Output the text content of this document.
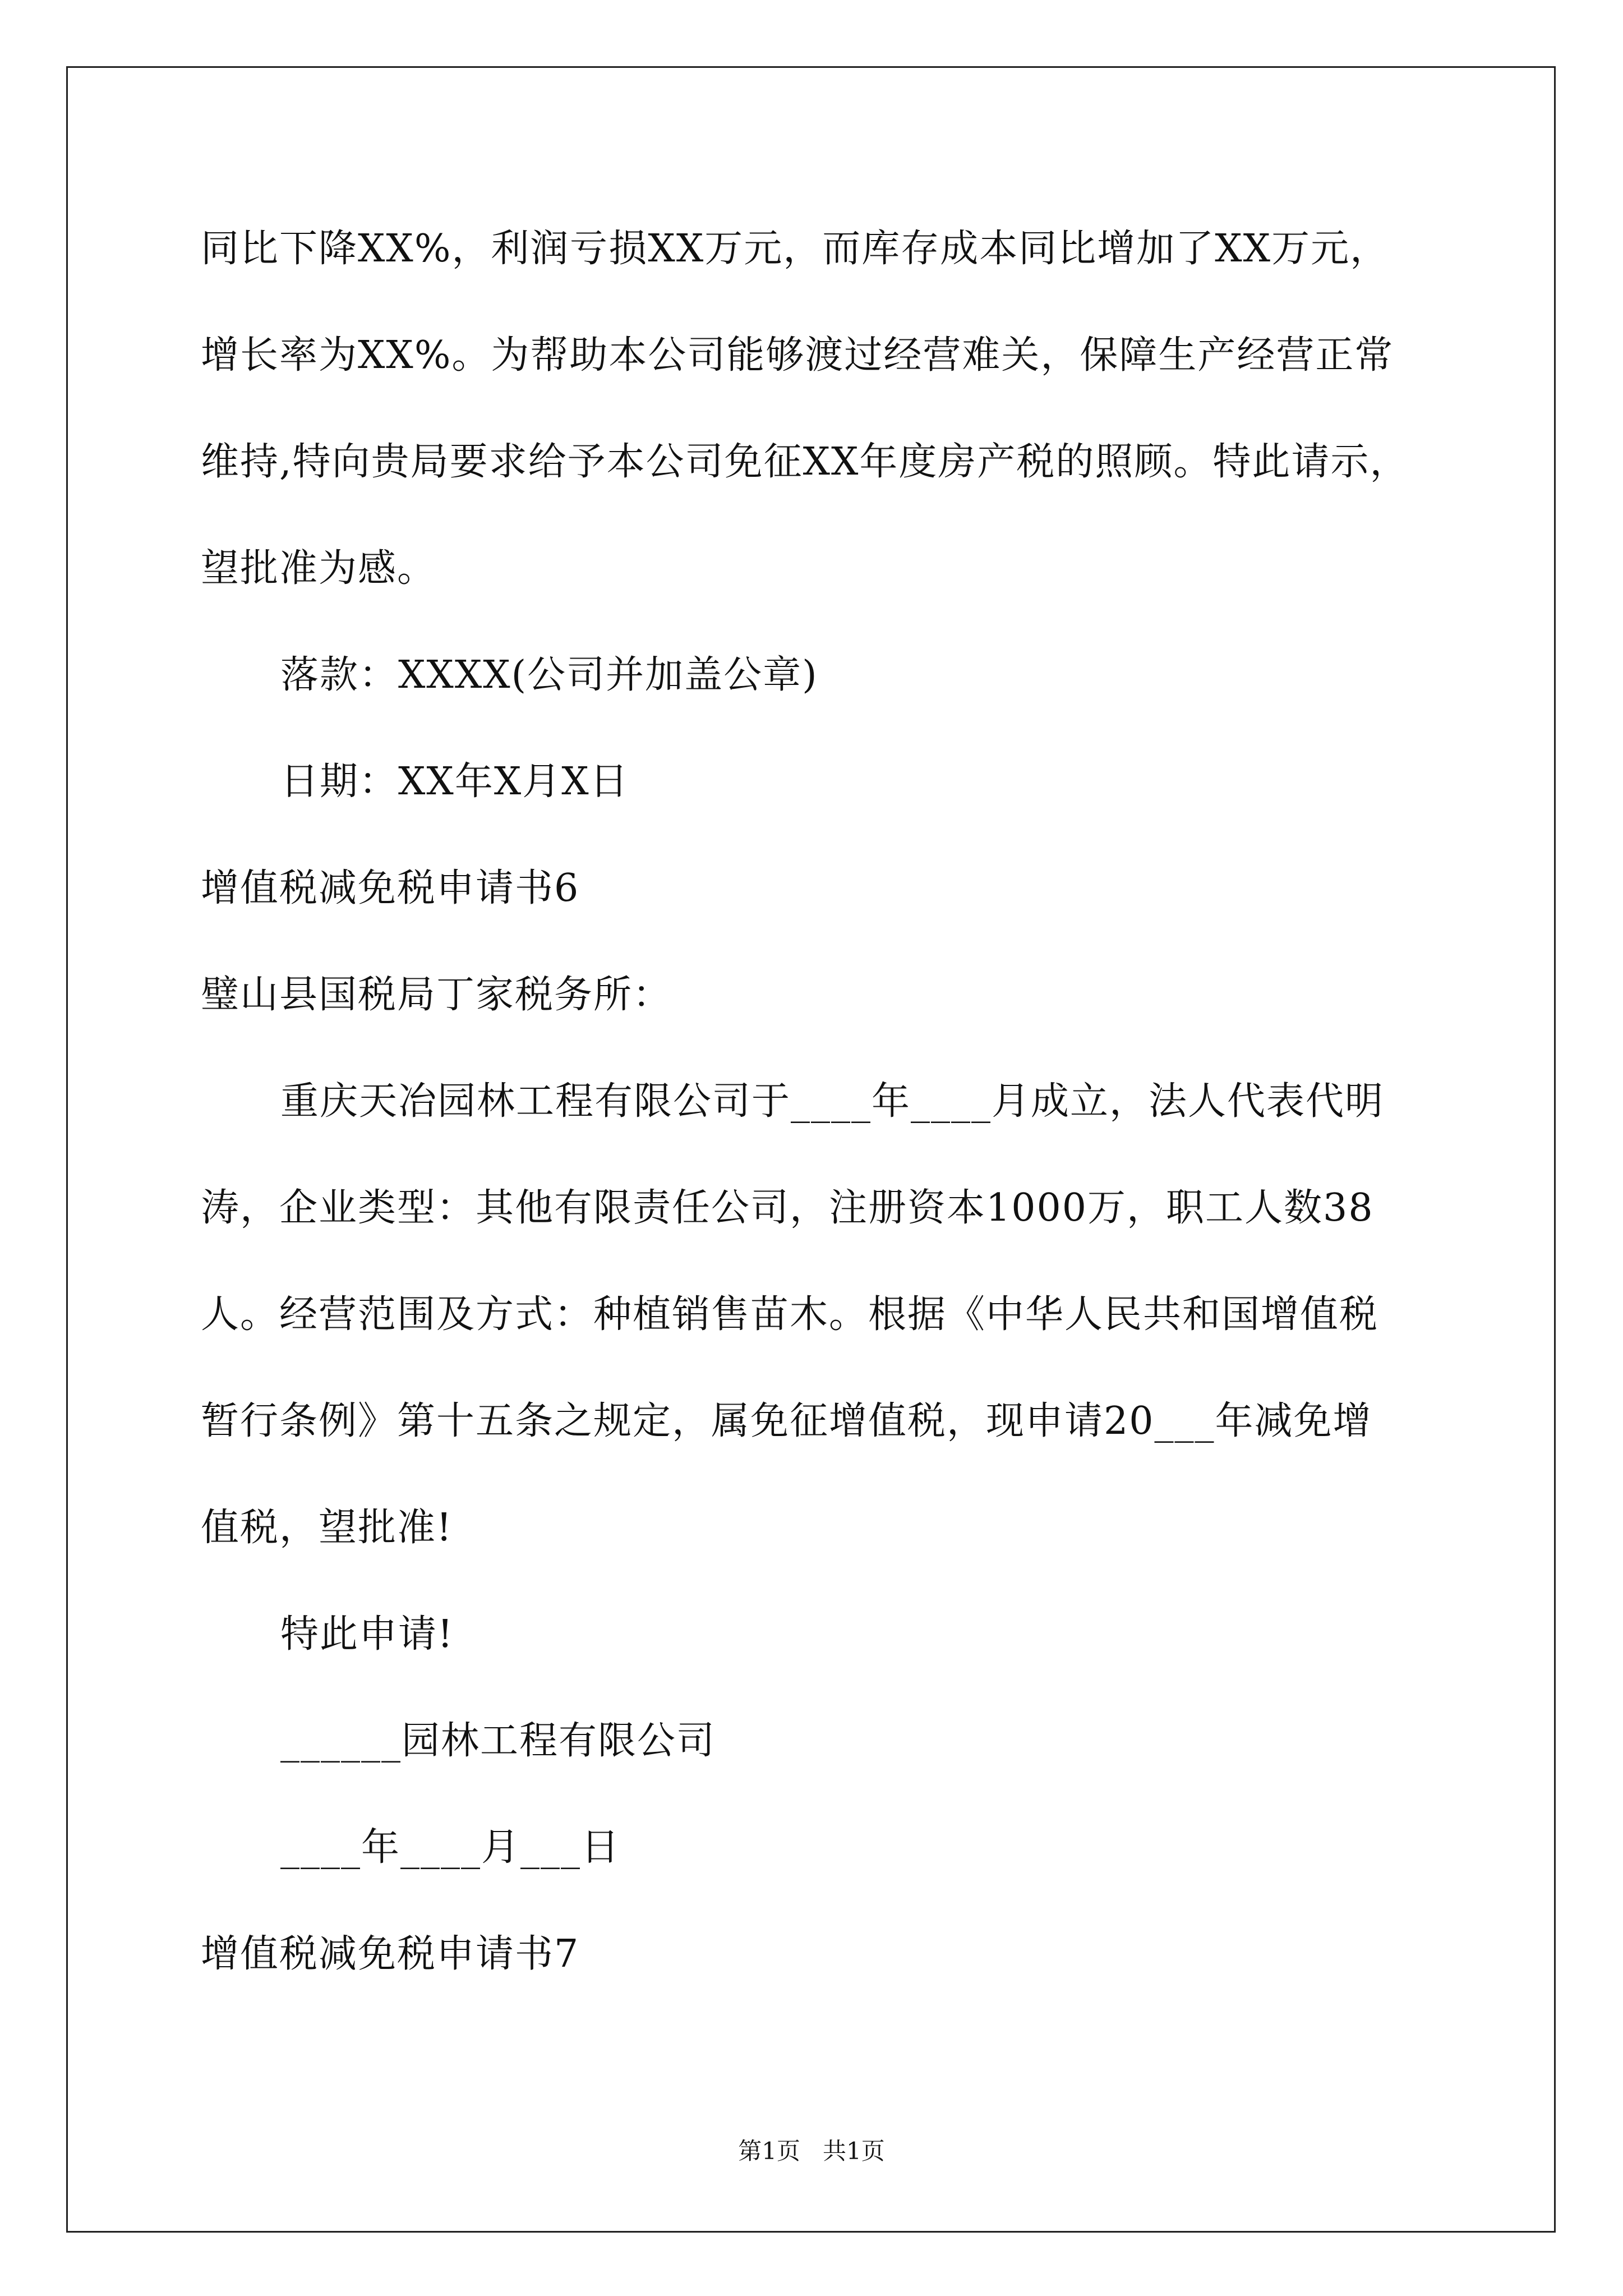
同比下降XX%，利润亏损XX万元，而库存成本同比增加了XX万元，
增长率为XX%。为帮助本公司能够渡过经营难关，保障生产经营正常
维持,特向贵局要求给予本公司免征XX年度房产税的照顾。特此请示，
望批准为感。
落款：XXXX(公司并加盖公章)
日期：XX年X月X日
增值税减免税申请书6
璧山县国税局丁家税务所：
重庆天冶园林工程有限公司于____年____月成立，法人代表代明
涛，企业类型：其他有限责任公司，注册资本1000万，职工人数38
人。经营范围及方式：种植销售苗木。根据《中华人民共和国增值税
暂行条例》第十五条之规定，属免征增值税，现申请20___年减免增
值税，望批准!
特此申请!
______园林工程有限公司
____年____月___日
增值税减免税申请书7
第1页   共1页
